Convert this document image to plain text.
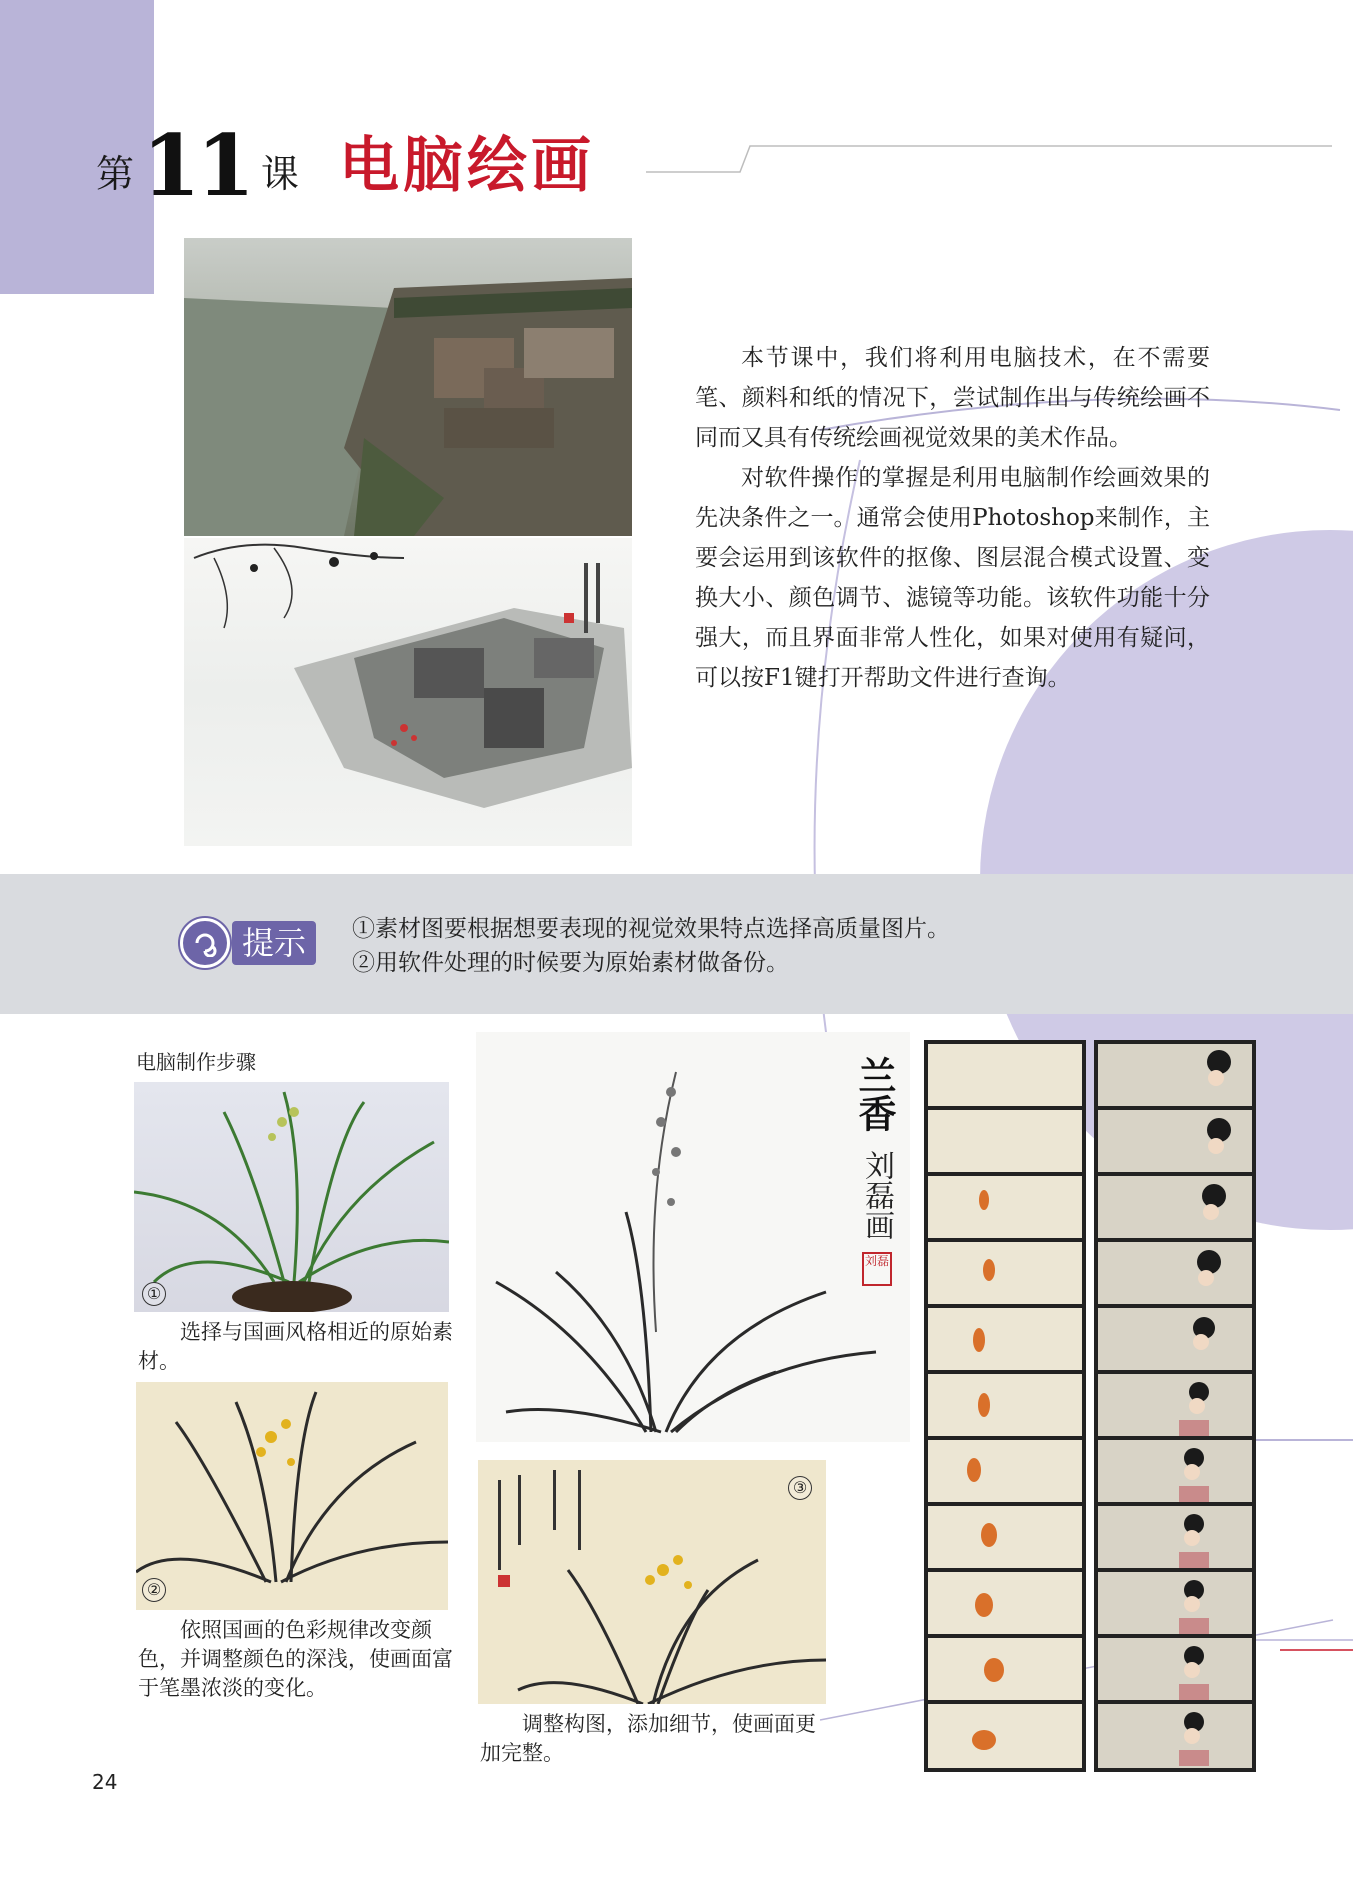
第 11 课 电脑绘画

本节课中，我们将利用电脑技术，在不需要笔、颜料和纸的情况下，尝试制作出与传统绘画不同而又具有传统绘画视觉效果的美术作品。

对软件操作的掌握是利用电脑制作绘画效果的先决条件之一。通常会使用Photoshop来制作，主要会运用到该软件的抠像、图层混合模式设置、变换大小、颜色调节、滤镜等功能。该软件功能十分强大，而且界面非常人性化，如果对使用有疑问，可以按F1键打开帮助文件进行查询。

提示	①素材图要根据想要表现的视觉效果特点选择高质量图片。
②用软件处理的时候要为原始素材做备份。
电脑制作步骤
①
选择与国画风格相近的原始素材。
②
依照国画的色彩规律改变颜色，并调整颜色的深浅，使画面富于笔墨浓淡的变化。
兰香
刘磊画
刘磊
③
调整构图，添加细节，使画面更加完整。
24
